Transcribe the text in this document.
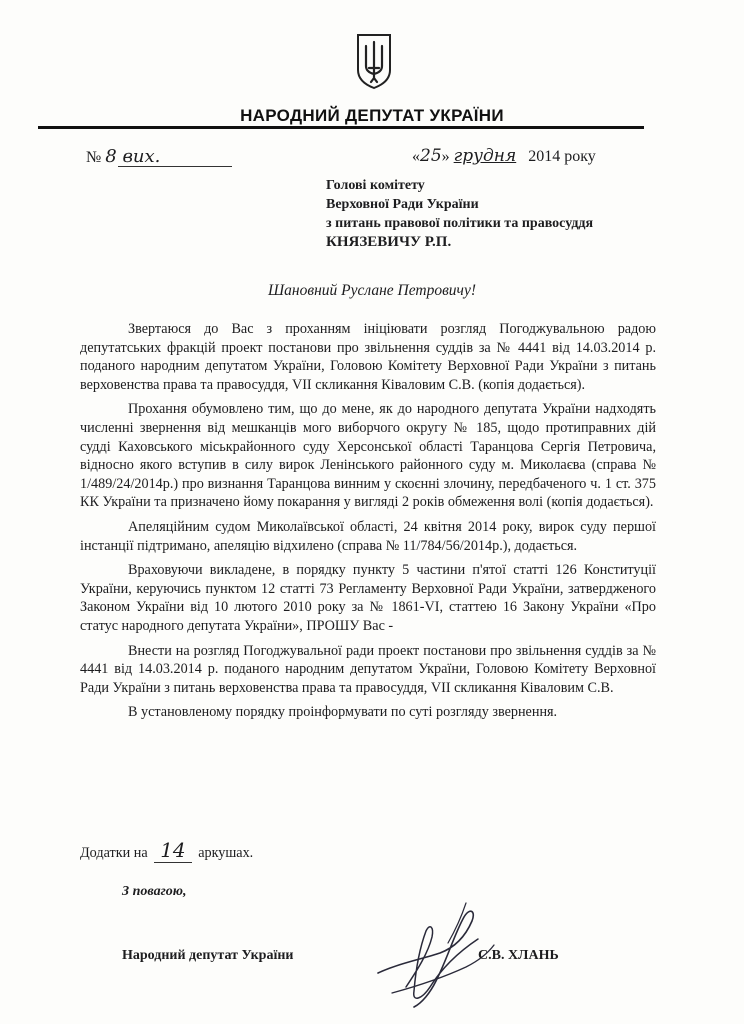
НАРОДНИЙ ДЕПУТАТ УКРАЇНИ
№ 8 вих.	«25» грудня 2014 року
Голові комітету
Верховної Ради України
з питань правової політики та правосуддя
КНЯЗЕВИЧУ Р.П.
Шановний Руслане Петровичу!

Звертаюся до Вас з проханням ініціювати розгляд Погоджувальною радою депутатських фракцій проект постанови про звільнення суддів за № 4441 від 14.03.2014 р. поданого народним депутатом України, Головою Комітету Верховної Ради України з питань верховенства права та правосуддя, VII скликання Ківаловим С.В. (копія додається).

Прохання обумовлено тим, що до мене, як до народного депутата України надходять численні звернення від мешканців мого виборчого округу № 185, щодо протиправних дій судді Каховського міськрайонного суду Херсонської області Таранцова Сергія Петровича, відносно якого вступив в силу вирок Ленінського районного суду м. Миколаєва (справа № 1/489/24/2014р.) про визнання Таранцова винним у скоєнні злочину, передбаченого ч. 1 ст. 375 КК України та призначено йому покарання у вигляді 2 років обмеження волі (копія додається).

Апеляційним судом Миколаївської області, 24 квітня 2014 року, вирок суду першої інстанції підтримано, апеляцію відхилено (справа № 11/784/56/2014р.), додається.

Враховуючи викладене, в порядку пункту 5 частини п'ятої статті 126 Конституції України, керуючись пунктом 12 статті 73 Регламенту Верховної Ради України, затвердженого Законом України від 10 лютого 2010 року за № 1861-VI, статтею 16 Закону України «Про статус народного депутата України», ПРОШУ Вас -

Внести на розгляд Погоджувальної ради проект постанови про звільнення суддів за № 4441 від 14.03.2014 р. поданого народним депутатом України, Головою Комітету Верховної Ради України з питань верховенства права та правосуддя, VII скликання Ківаловим С.В.

В установленому порядку проінформувати по суті розгляду звернення.

Додатки на 14 аркушах.
З повагою,
Народний депутат України	С.В. ХЛАНЬ
